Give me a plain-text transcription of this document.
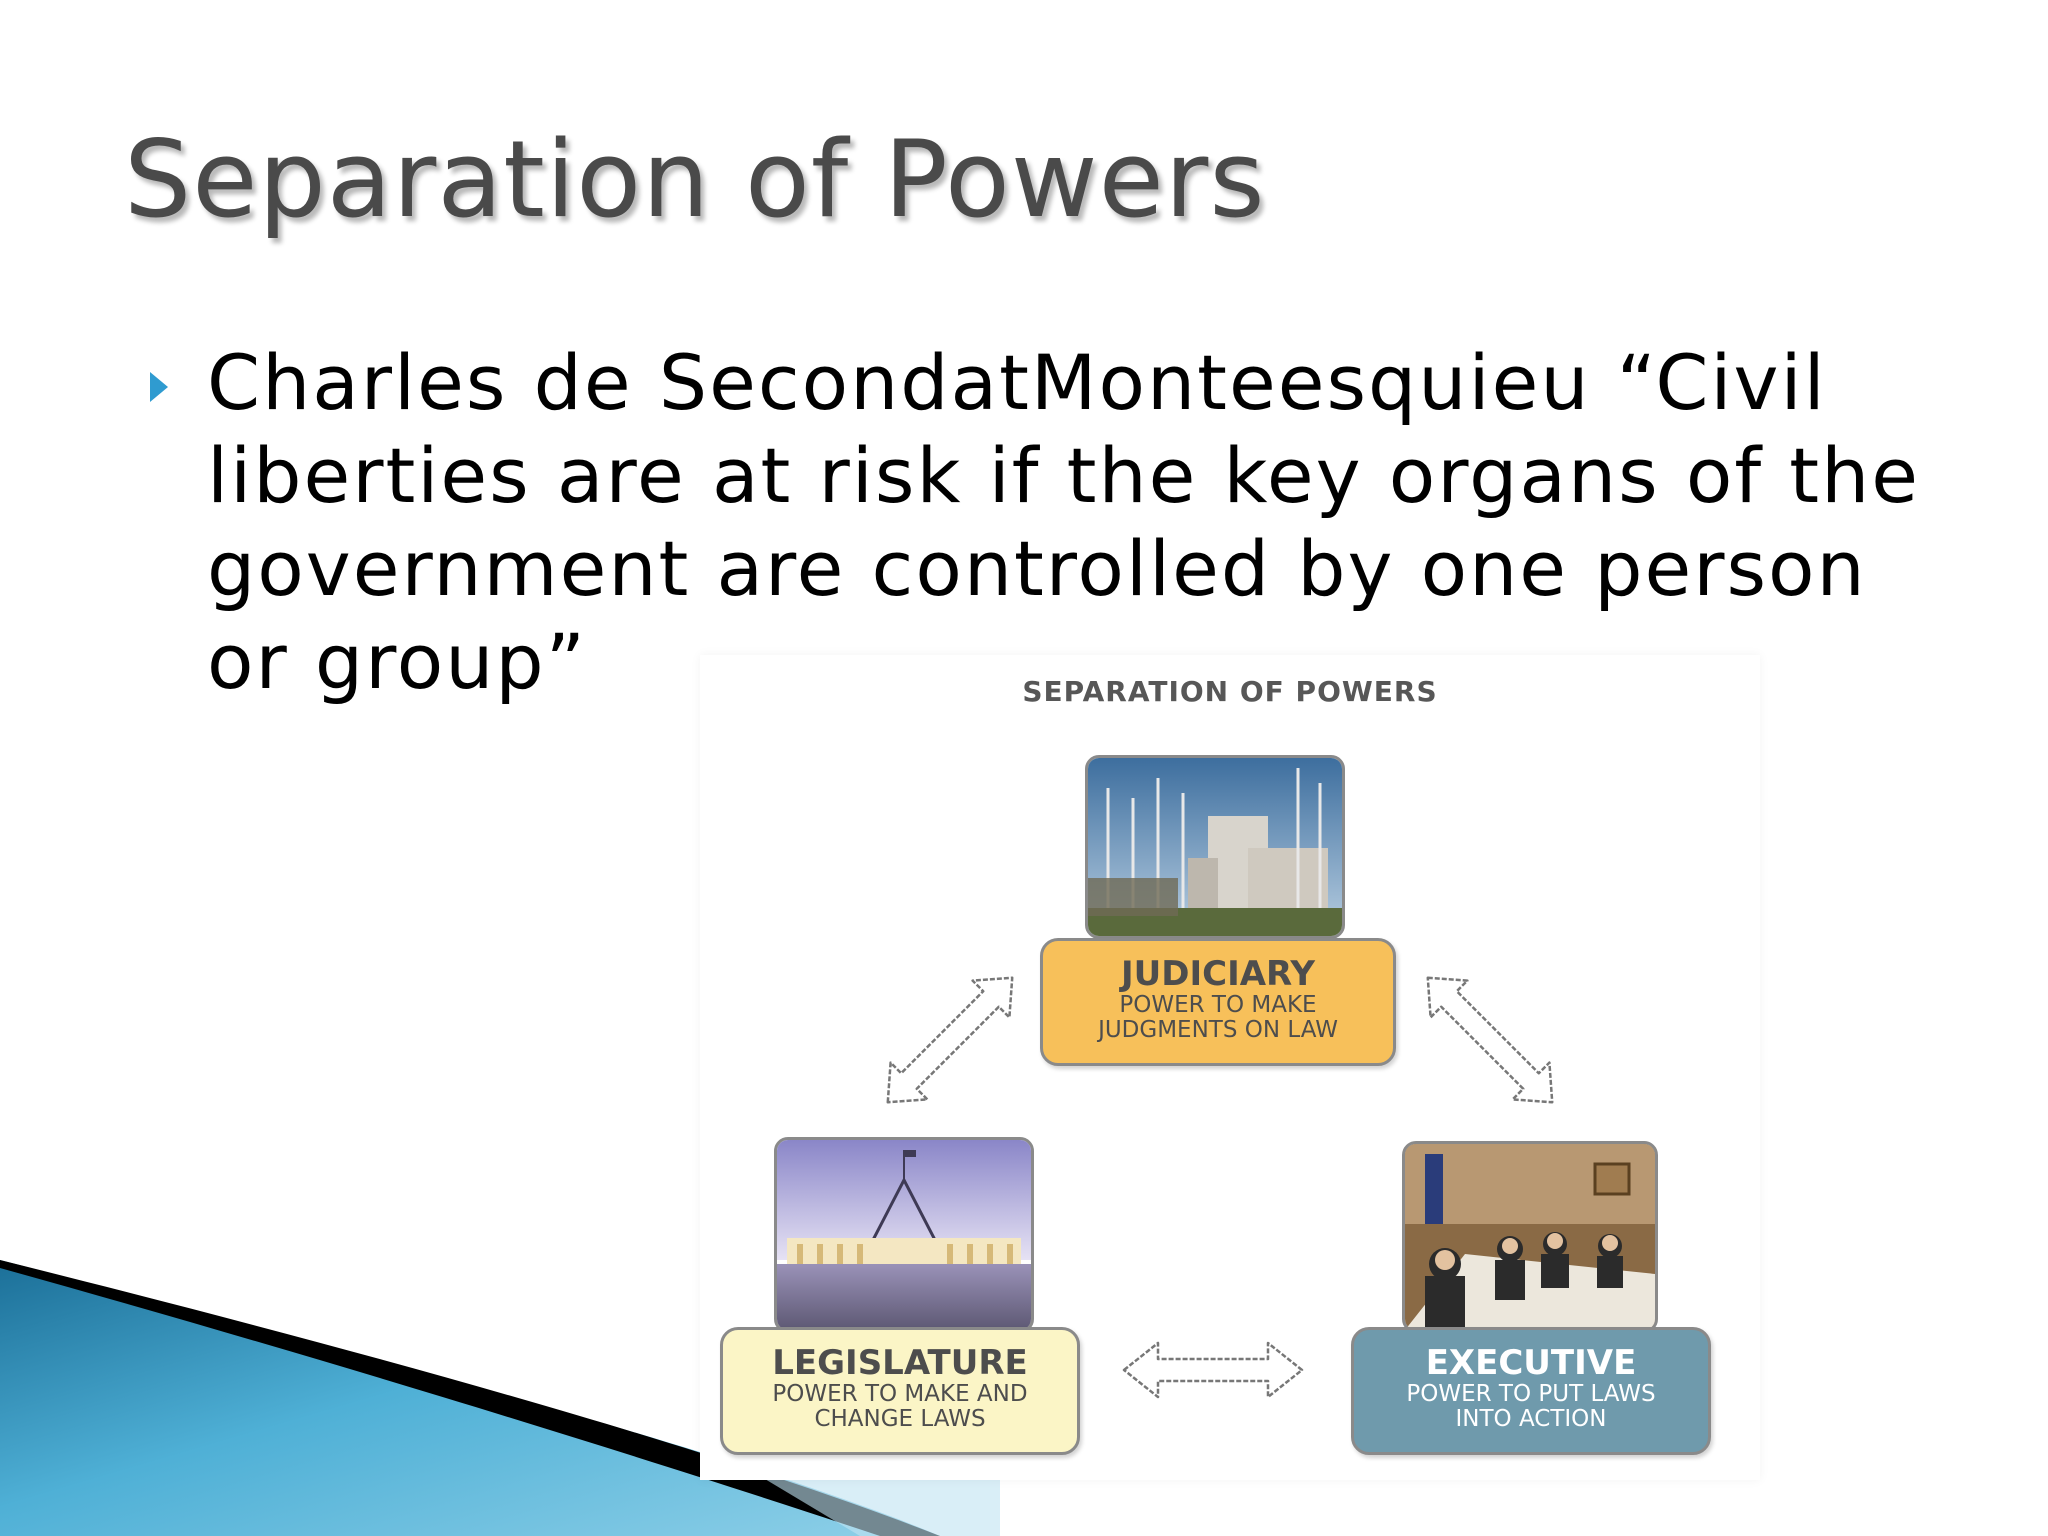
Separation of Powers

Charles de SecondatMonteesquieu “Civil liberties are at risk if the key organs of the government are controlled by one person or group”	SEPARATION OF POWERS
JUDICIARY
POWER TO MAKE
JUDGMENTS ON LAW
LEGISLATURE
POWER TO MAKE AND
CHANGE LAWS
EXECUTIVE
POWER TO PUT LAWS
INTO ACTION
